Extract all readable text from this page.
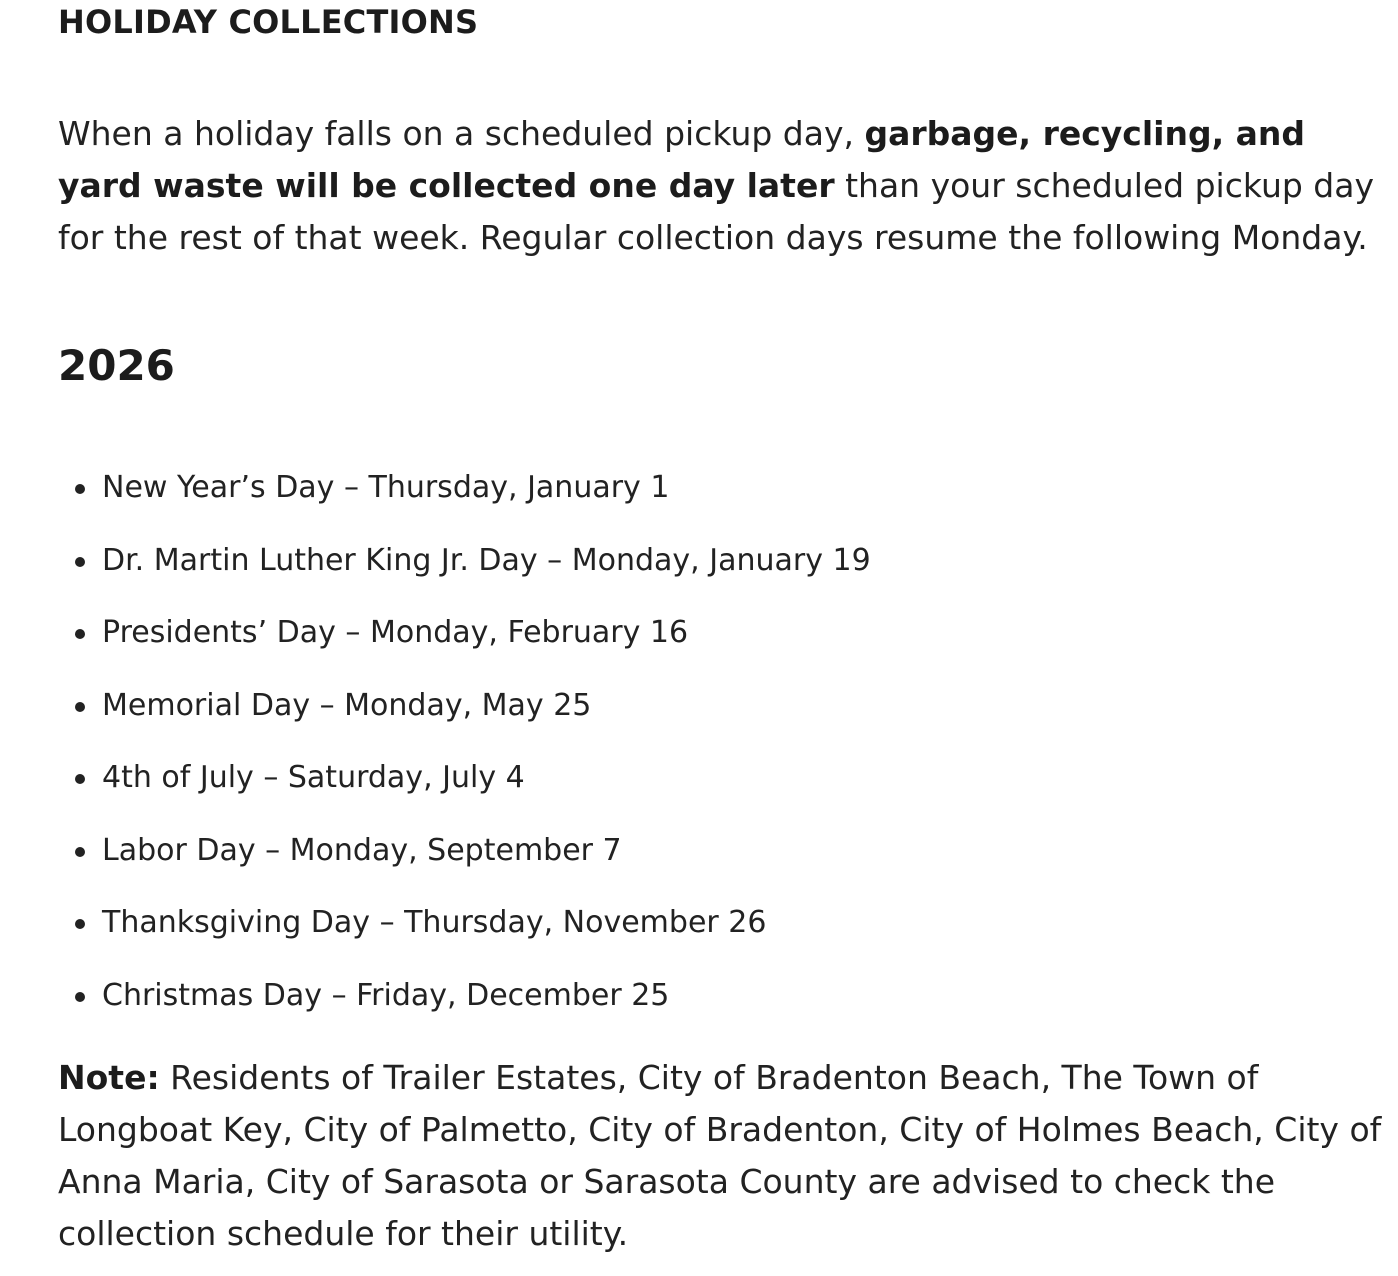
HOLIDAY COLLECTIONS

When a holiday falls on a scheduled pickup day, garbage, recycling, and yard waste will be collected one day later than your scheduled pickup day for the rest of that week. Regular collection days resume the following Monday.

2026
New Year’s Day – Thursday, January 1
Dr. Martin Luther King Jr. Day – Monday, January 19
Presidents’ Day – Monday, February 16
Memorial Day – Monday, May 25
4th of July – Saturday, July 4
Labor Day – Monday, September 7
Thanksgiving Day – Thursday, November 26
Christmas Day – Friday, December 25

Note: Residents of Trailer Estates, City of Bradenton Beach, The Town of Longboat Key, City of Palmetto, City of Bradenton, City of Holmes Beach, City of Anna Maria, City of Sarasota or Sarasota County are advised to check the collection schedule for their utility.
